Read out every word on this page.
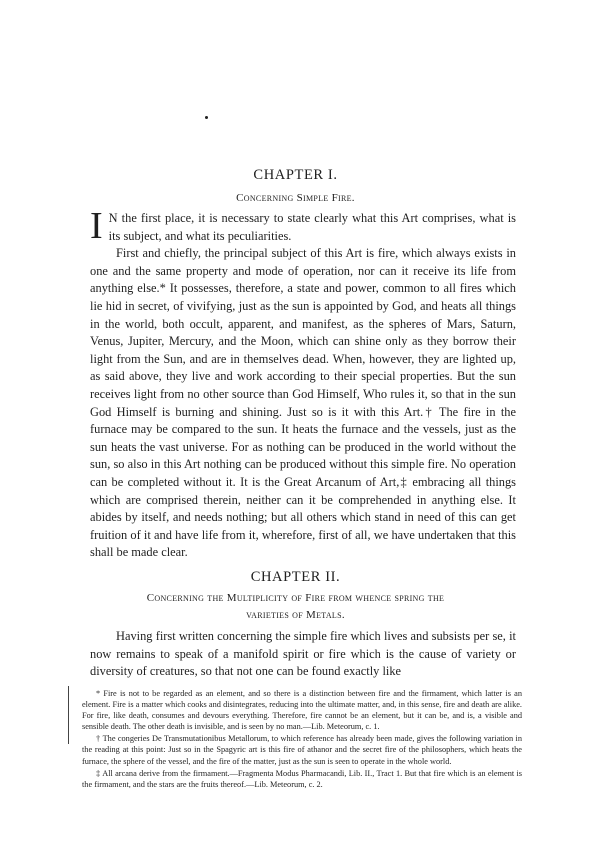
CHAPTER I.
Concerning Simple Fire.

I N the first place, it is necessary to state clearly what this Art comprises, what is its subject, and what its peculiarities.

First and chiefly, the principal subject of this Art is fire, which always exists in one and the same property and mode of operation, nor can it receive its life from anything else.* It possesses, therefore, a state and power, common to all fires which lie hid in secret, of vivifying, just as the sun is appointed by God, and heats all things in the world, both occult, apparent, and manifest, as the spheres of Mars, Saturn, Venus, Jupiter, Mercury, and the Moon, which can shine only as they borrow their light from the Sun, and are in themselves dead. When, however, they are lighted up, as said above, they live and work according to their special properties. But the sun receives light from no other source than God Himself, Who rules it, so that in the sun God Himself is burning and shining. Just so is it with this Art.† The fire in the furnace may be compared to the sun. It heats the furnace and the vessels, just as the sun heats the vast universe. For as nothing can be produced in the world without the sun, so also in this Art nothing can be produced without this simple fire. No operation can be completed without it. It is the Great Arcanum of Art,‡ embracing all things which are comprised therein, neither can it be comprehended in anything else. It abides by itself, and needs nothing; but all others which stand in need of this can get fruition of it and have life from it, wherefore, first of all, we have undertaken that this shall be made clear.

CHAPTER II.
Concerning the Multiplicity of Fire from whence spring the
varieties of Metals.

Having first written concerning the simple fire which lives and subsists per se, it now remains to speak of a manifold spirit or fire which is the cause of variety or diversity of creatures, so that not one can be found exactly like

* Fire is not to be regarded as an element, and so there is a distinction between fire and the firmament, which latter is an element. Fire is a matter which cooks and disintegrates, reducing into the ultimate matter, and, in this sense, fire and death are alike. For fire, like death, consumes and devours everything. Therefore, fire cannot be an element, but it can be, and is, a visible and sensible death. The other death is invisible, and is seen by no man.—Lib. Meteorum, c. 1.

† The congeries De Transmutationibus Metallorum, to which reference has already been made, gives the following variation in the reading at this point: Just so in the Spagyric art is this fire of athanor and the secret fire of the philosophers, which heats the furnace, the sphere of the vessel, and the fire of the matter, just as the sun is seen to operate in the whole world.

‡ All arcana derive from the firmament.—Fragmenta Modus Pharmacandi, Lib. II., Tract 1. But that fire which is an element is the firmament, and the stars are the fruits thereof.—Lib. Meteorum, c. 2.
